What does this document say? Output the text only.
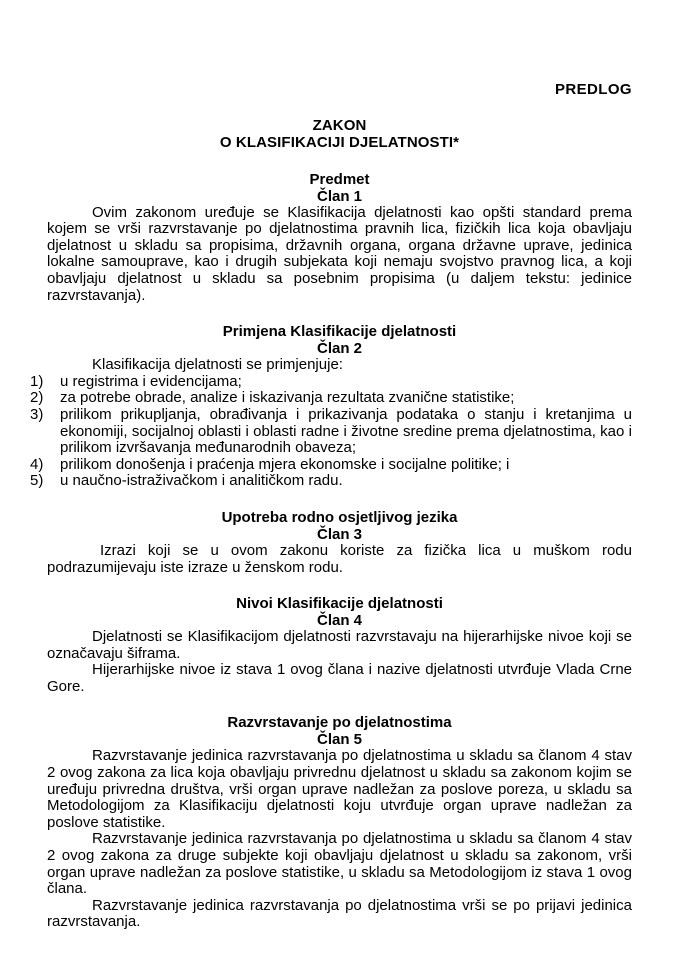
PREDLOG
ZAKON
O KLASIFIKACIJI DJELATNOSTI*
Predmet
Član 1

Ovim zakonom uređuje se Klasifikacija djelatnosti kao opšti standard prema kojem se vrši razvrstavanje po djelatnostima pravnih lica, fizičkih lica koja obavljaju djelatnost u skladu sa propisima, državnih organa, organa državne uprave, jedinica lokalne samouprave, kao i drugih subjekata koji nemaju svojstvo pravnog lica, a koji obavljaju djelatnost u skladu sa posebnim propisima (u daljem tekstu: jedinice razvrstavanja).

Primjena Klasifikacije djelatnosti
Član 2

Klasifikacija djelatnosti se primjenjuje:

1)	u registrima i evidencijama;
2)	za potrebe obrade, analize i iskazivanja rezultata zvanične statistike;
3)	prilikom prikupljanja, obrađivanja i prikazivanja podataka o stanju i kretanjima u ekonomiji, socijalnoj oblasti i oblasti radne i životne sredine prema djelatnostima, kao i prilikom izvršavanja međunarodnih obaveza;
4)	prilikom donošenja i praćenja mjera ekonomske i socijalne politike; i
5)	u naučno-istraživačkom i analitičkom radu.
Upotreba rodno osjetljivog jezika
Član 3

Izrazi koji se u ovom zakonu koriste za fizička lica u muškom rodu podrazumijevaju iste izraze u ženskom rodu.

Nivoi Klasifikacije djelatnosti
Član 4

Djelatnosti se Klasifikacijom djelatnosti razvrstavaju na hijerarhijske nivoe koji se označavaju šiframa.

Hijerarhijske nivoe iz stava 1 ovog člana i nazive djelatnosti utvrđuje Vlada Crne Gore.

Razvrstavanje po djelatnostima
Član 5

Razvrstavanje jedinica razvrstavanja po djelatnostima u skladu sa članom 4 stav 2 ovog zakona za lica koja obavljaju privrednu djelatnost u skladu sa zakonom kojim se uređuju privredna društva, vrši organ uprave nadležan za poslove poreza, u skladu sa Metodologijom za Klasifikaciju djelatnosti koju utvrđuje organ uprave nadležan za poslove statistike.

Razvrstavanje jedinica razvrstavanja po djelatnostima u skladu sa članom 4 stav 2 ovog zakona za druge subjekte koji obavljaju djelatnost u skladu sa zakonom, vrši organ uprave nadležan za poslove statistike, u skladu sa Metodologijom iz stava 1 ovog člana.

Razvrstavanje jedinica razvrstavanja po djelatnostima vrši se po prijavi jedinica razvrstavanja.
